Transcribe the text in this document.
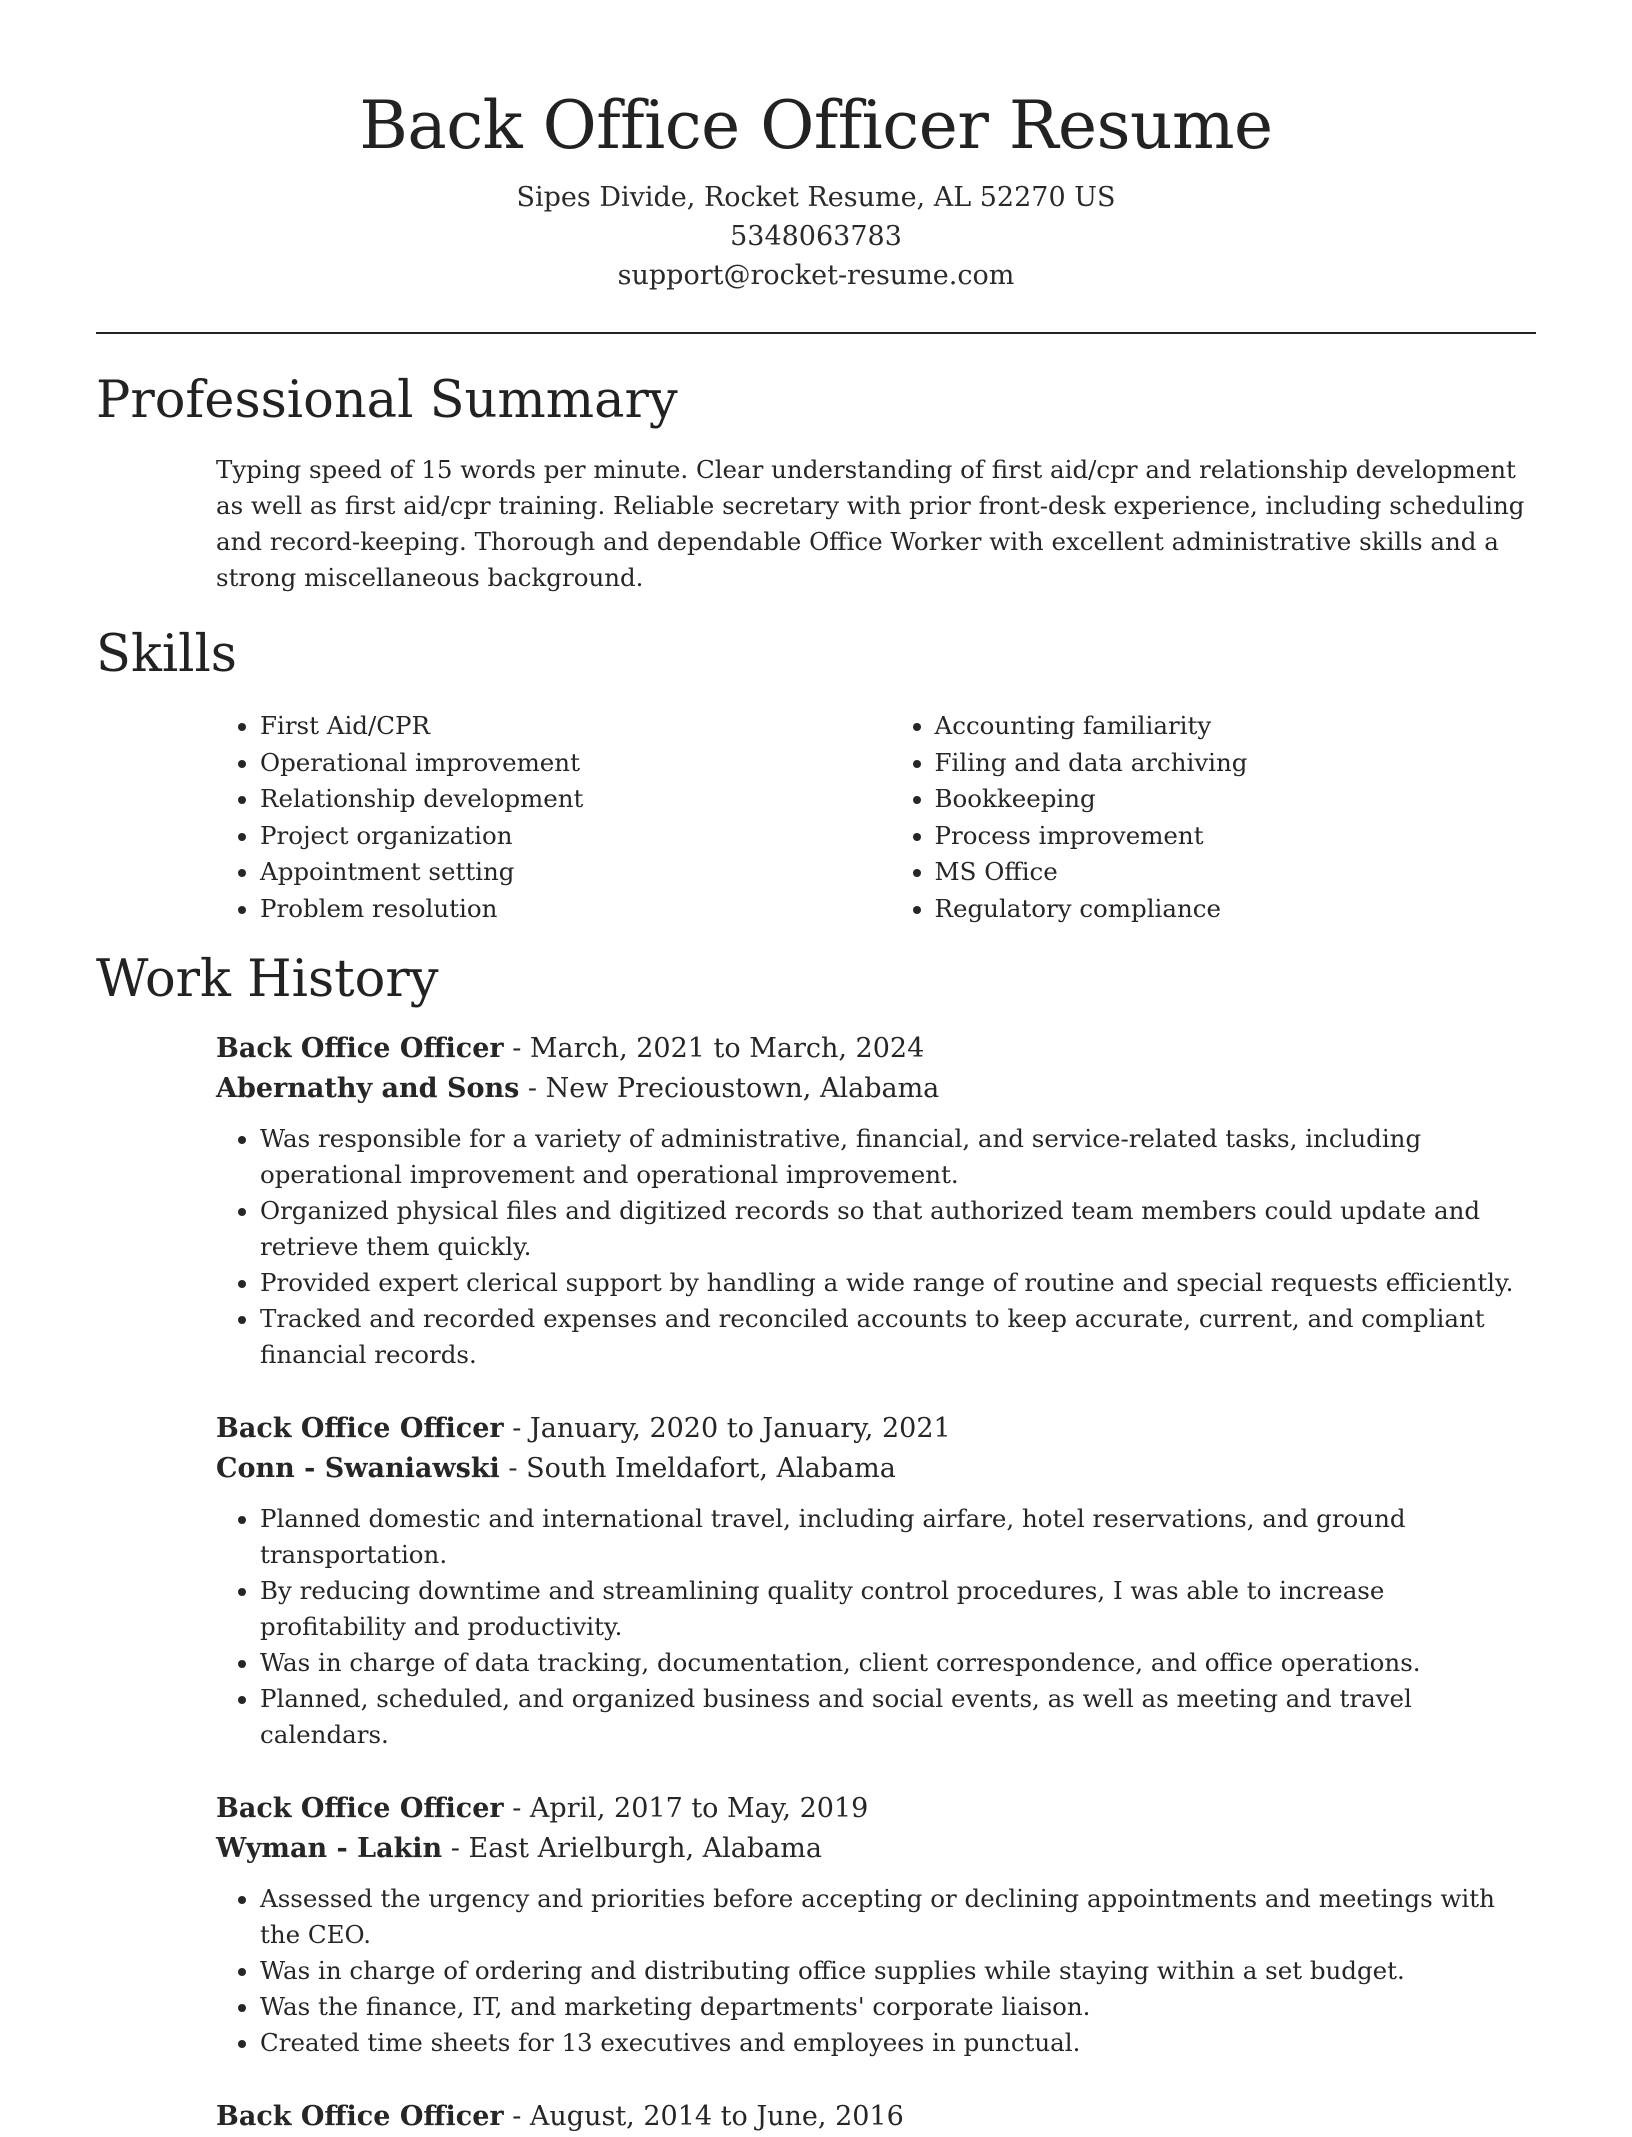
Back Office Officer Resume
Sipes Divide, Rocket Resume, AL 52270 US
5348063783
support@rocket-resume.com
Professional Summary

Typing speed of 15 words per minute. Clear understanding of first aid/cpr and relationship development as well as first aid/cpr training. Reliable secretary with prior front-desk experience, including scheduling and record-keeping. Thorough and dependable Office Worker with excellent administrative skills and a strong miscellaneous background.

Skills
• First Aid/CPR
• Operational improvement
• Relationship development
• Project organization
• Appointment setting
• Problem resolution
• Accounting familiarity
• Filing and data archiving
• Bookkeeping
• Process improvement
• MS Office
• Regulatory compliance
Work History
Back Office Officer - March, 2021 to March, 2024
Abernathy and Sons - New Precioustown, Alabama
• Was responsible for a variety of administrative, financial, and service-related tasks, including operational improvement and operational improvement.
• Organized physical files and digitized records so that authorized team members could update and retrieve them quickly.
• Provided expert clerical support by handling a wide range of routine and special requests efficiently.
• Tracked and recorded expenses and reconciled accounts to keep accurate, current, and compliant financial records.
Back Office Officer - January, 2020 to January, 2021
Conn - Swaniawski - South Imeldafort, Alabama
• Planned domestic and international travel, including airfare, hotel reservations, and ground transportation.
• By reducing downtime and streamlining quality control procedures, I was able to increase profitability and productivity.
• Was in charge of data tracking, documentation, client correspondence, and office operations.
• Planned, scheduled, and organized business and social events, as well as meeting and travel calendars.
Back Office Officer - April, 2017 to May, 2019
Wyman - Lakin - East Arielburgh, Alabama
• Assessed the urgency and priorities before accepting or declining appointments and meetings with the CEO.
• Was in charge of ordering and distributing office supplies while staying within a set budget.
• Was the finance, IT, and marketing departments' corporate liaison.
• Created time sheets for 13 executives and employees in punctual.
Back Office Officer - August, 2014 to June, 2016
